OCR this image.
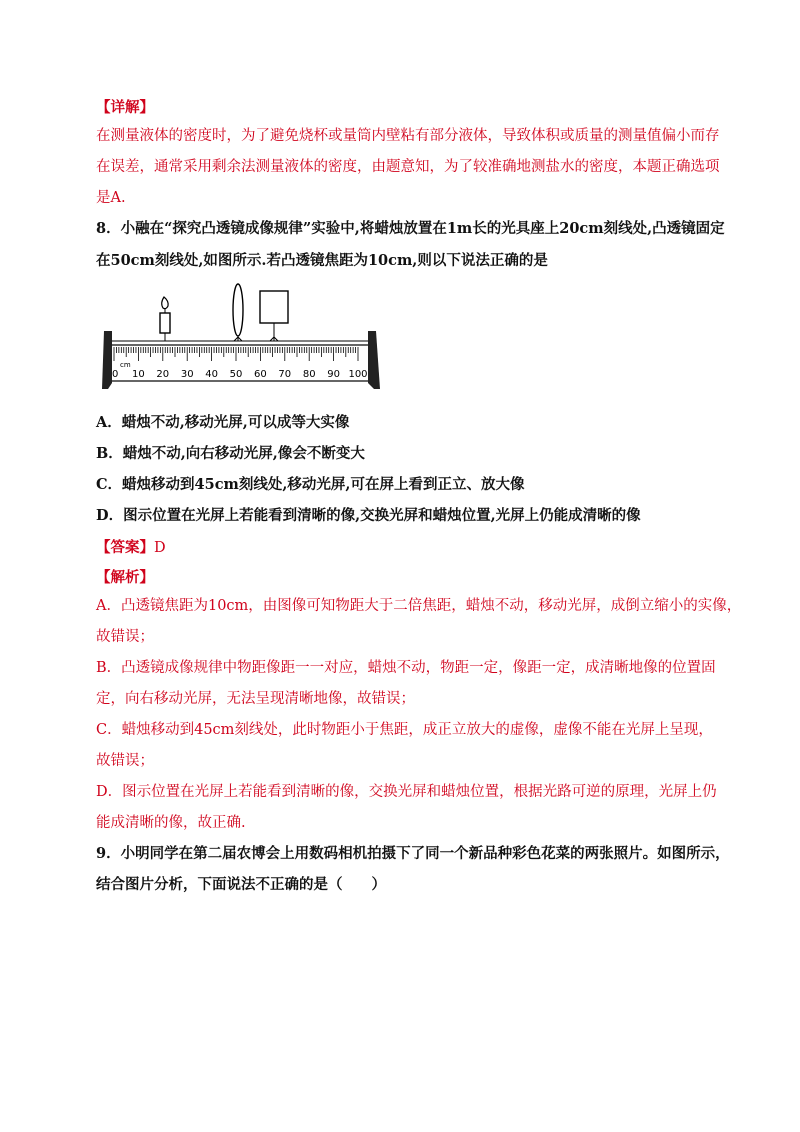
【详解】
在测量液体的密度时，为了避免烧杯或量筒内壁粘有部分液体，导致体积或质量的测量值偏小而存
在误差，通常采用剩余法测量液体的密度，由题意知，为了较准确地测盐水的密度，本题正确选项
是A.
8．小融在“探究凸透镜成像规律”实验中,将蜡烛放置在1m长的光具座上20cm刻线处,凸透镜固定
在50cm刻线处,如图所示.若凸透镜焦距为10cm,则以下说法正确的是
cm
0 10 20 30 40 50 60 70 80 90 100
A．蜡烛不动,移动光屏,可以成等大实像
B．蜡烛不动,向右移动光屏,像会不断变大
C．蜡烛移动到45cm刻线处,移动光屏,可在屏上看到正立、放大像
D．图示位置在光屏上若能看到清晰的像,交换光屏和蜡烛位置,光屏上仍能成清晰的像
【答案】D
【解析】
A．凸透镜焦距为10cm，由图像可知物距大于二倍焦距，蜡烛不动，移动光屏，成倒立缩小的实像，
故错误；
B．凸透镜成像规律中物距像距一一对应，蜡烛不动，物距一定，像距一定，成清晰地像的位置固
定，向右移动光屏，无法呈现清晰地像，故错误；
C．蜡烛移动到45cm刻线处，此时物距小于焦距，成正立放大的虚像，虚像不能在光屏上呈现，
故错误；
D．图示位置在光屏上若能看到清晰的像，交换光屏和蜡烛位置，根据光路可逆的原理，光屏上仍
能成清晰的像，故正确.
9．小明同学在第二届农博会上用数码相机拍摄下了同一个新品种彩色花菜的两张照片。如图所示，
结合图片分析，下面说法不正确的是（　　）
